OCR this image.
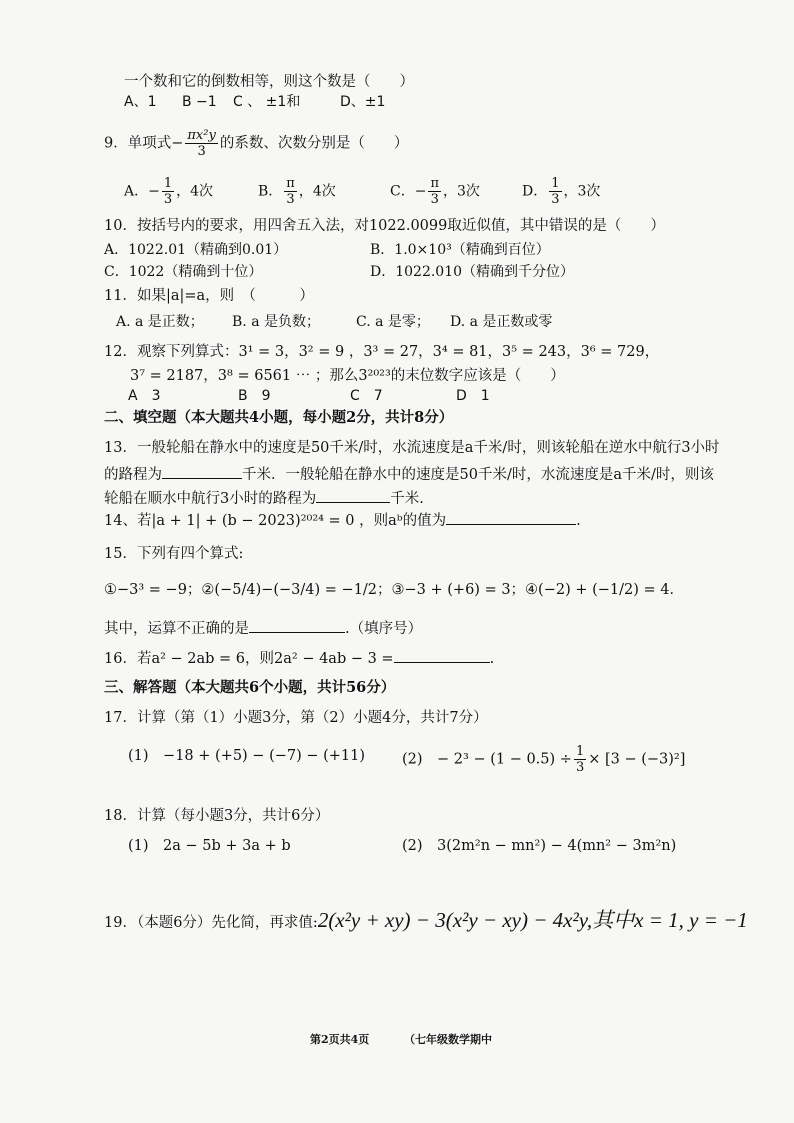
一个数和它的倒数相等，则这个数是（　　）
A、1 B −1 C 、 ±1和	D、±1
9．单项式− $\frac{\text{πx²y}}{3}$ 的系数、次数分别是（　　）
A．− $\frac{1}{3}$ ，4次	B． $\frac{\pi}{3}$ ，4次	C．− $\frac{\pi}{3}$ ，3次	D． $\frac{1}{3}$ ，3次
10．按括号内的要求，用四舍五入法，对1022.0099取近似值，其中错误的是（　　）
A．1022.01（精确到0.01）	B．1.0×10³（精确到百位）
C．1022（精确到十位）	D．1022.010（精确到千分位）
11．如果|a|=a，则　（　　　）
A. a 是正数； B. a 是负数；	C. a 是零； D. a 是正数或零
12．观察下列算式：3¹ = 3，3² = 9 ，3³ = 27，3⁴ = 81，3⁵ = 243，3⁶ = 729，
3⁷ = 2187，3⁸ = 6561 ⋯ ；那么3²⁰²³的末位数字应该是（　　）
A　3	B　9	C　7	D　1
二、填空题（本大题共4小题，每小题2分，共计8分）
13．一般轮船在静水中的速度是50千米/时，水流速度是a千米/时，则该轮船在逆水中航行3小时
的路程为	千米．一般轮船在静水中的速度是50千米/时，水流速度是a千米/时，则该
轮船在顺水中航行3小时的路程为	千米.
14、若|a + 1| + (b − 2023)²⁰²⁴ = 0 ，则aᵇ的值为	.
15．下列有四个算式:
①−3³ = −9；②(−5/4)−(−3/4) = −1/2；③−3 + (+6) = 3；④(−2) + (−1/2) = 4．
其中，运算不正确的是	.（填序号）
16．若a² − 2ab = 6，则2a² − 4ab − 3 =	.
三、解答题（本大题共6个小题，共计56分）
17．计算（第（1）小题3分，第（2）小题4分，共计7分）
(1)　−18 + (+5) − (−7) − (+11)	(2)　− $2^3 - (1 - 0.5) \div \frac{1}{3} \times [3 - (-3)^2]$
18．计算（每小题3分，共计6分）
(1)　2a − 5b + 3a + b	(2)　3(2m²n − mn²) − 4(mn² − 3m²n)
19．（本题6分）先化简，再求值:2(x²y + xy) − 3(x²y − xy) − 4x²y,其中x = 1, y = −1
第2页共4页	（七年级数学期中
